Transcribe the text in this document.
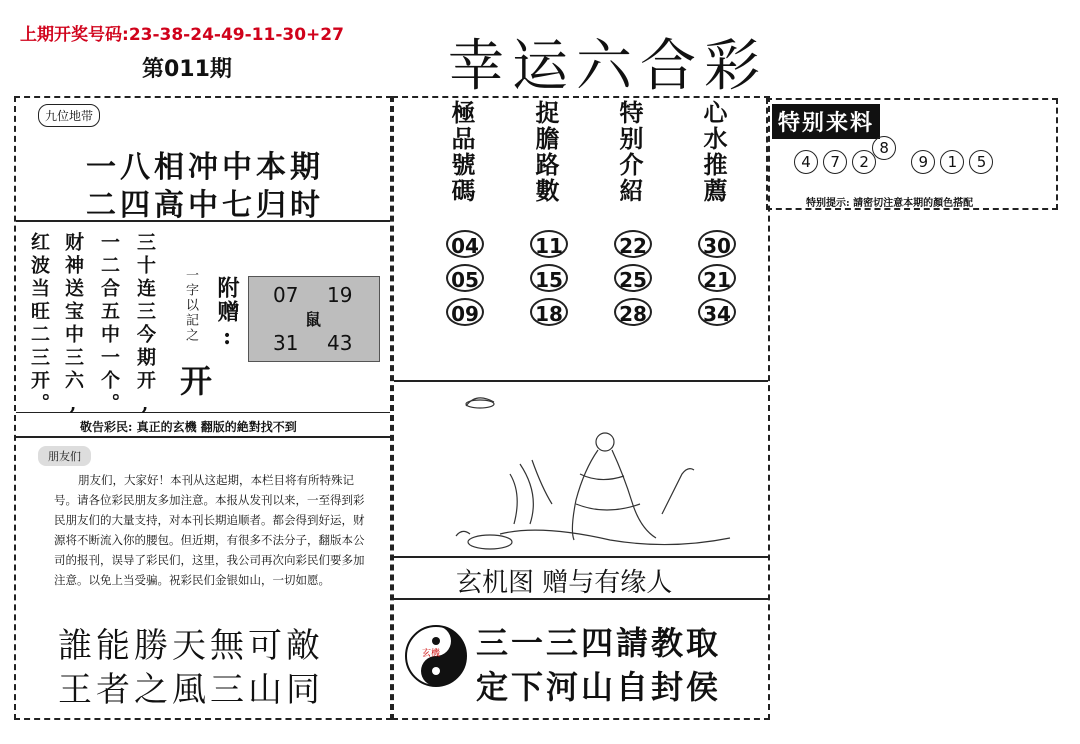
上期开奖号码:23-38-24-49-11-30+27
第011期	幸运六合彩
九位地带
一八相冲中本期
二四高中七归时
红波当旺二三开。 财神送宝中三六, 一二合五中一个。 三十连三今期开, 一字以記之 附赠:
开
07 19
鼠
31 43
敬告彩民: 真正的玄機 翻版的絶對找不到
朋友们
朋友们，大家好！本刊从这起期，本栏目将有所特殊记号。请各位彩民朋友多加注意。本报从发刊以来，一至得到彩民朋友们的大量支持，对本刊长期追顺者。都会得到好运，财源将不断流入你的腰包。但近期，有很多不法分子，翻版本公司的报刊，误导了彩民们，这里，我公司再次向彩民们要多加注意。以免上当受骗。祝彩民们金银如山，一切如愿。
誰能勝天無可敵
王者之風三山同
極品號碼 捉膽路數 特别介紹 心水推薦
04
05
09
11
15
18
22
25
28
30
21
34
玄机图 赠与有缘人
玄機 三一三四請教取
定下河山自封侯
特别来料
4 7 28 9 1 5
特别提示: 請密切注意本期的顏色搭配
